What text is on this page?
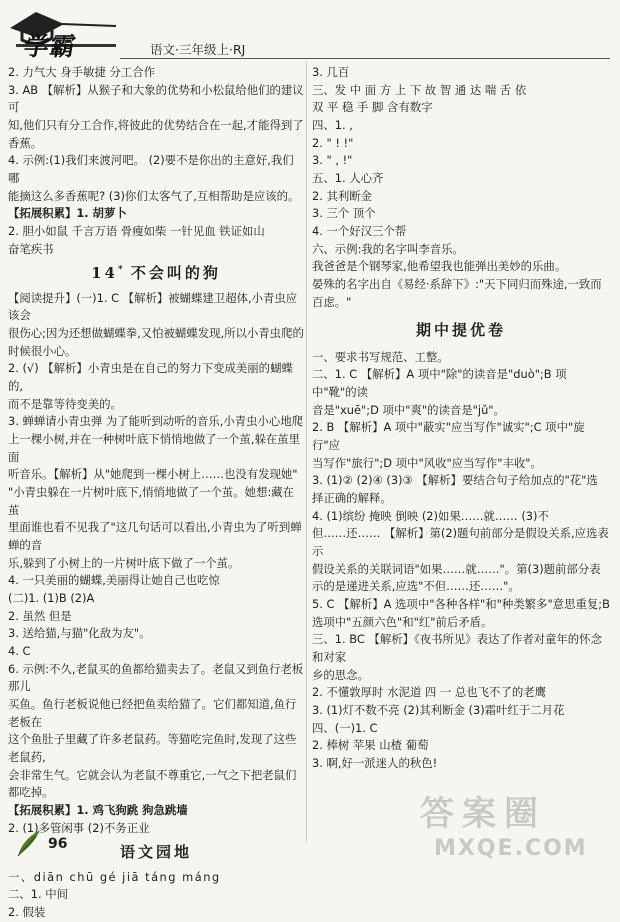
学霸	语文·三年级上·RJ

2. 力气大 身手敏捷 分工合作

3. AB 【解析】从猴子和大象的优势和小松鼠给他们的建议可

知,他们只有分工合作,将彼此的优势结合在一起,才能得到了香蕉。

4. 示例:(1)我们来渡河吧。 (2)要不是你出的主意好,我们哪

能摘这么多香蕉呢? (3)你们太客气了,互相帮助是应该的。

【拓展积累】1. 胡萝卜

2. 胆小如鼠 千言万语 骨瘦如柴 一针见血 铁证如山

奋笔疾书

14* 不会叫的狗

【阅读提升】(一)1. C 【解析】被蝴蝶建卫超体,小青虫应该会

很伤心;因为还想做蝴蝶拳,又怕被蝴蝶发现,所以小青虫爬的

时候很小心。

2. (√) 【解析】小青虫是在自己的努力下变成美丽的蝴蝶的,

而不是靠等待变美的。

3. 蝉蝉请小青虫弹 为了能听到动听的音乐,小青虫小心地爬

上一棵小树,并在一种树叶底下悄悄地做了一个茧,躲在茧里面

听音乐。【解析】从"她爬到一棵小树上……也没有发现她"

"小青虫躲在一片树叶底下,悄悄地做了一个茧。她想:藏在茧

里面谁也看不见我了"这几句话可以看出,小青虫为了听到蝉蝉的音

乐,躲到了小树上的一片树叶底下做了一个茧。

4. 一只美丽的蝴蝶,美丽得让她自己也吃惊

(二)1. (1)B (2)A

2. 虽然 但是

3. 送给猫,与猫"化敌为友"。

4. C

6. 示例:不久,老鼠买的鱼都给猫卖去了。老鼠又到鱼行老板那儿

买鱼。鱼行老板说他已经把鱼卖给猫了。它们都知道,鱼行老板在

这个鱼肚子里藏了许多老鼠药。等猫吃完鱼时,发现了这些老鼠药,

会非常生气。它就会认为老鼠不尊重它,一气之下把老鼠们都吃掉。

【拓展积累】1. 鸡飞狗跳 狗急跳墙

2. (1)多管闲事 (2)不务正业

语文园地

一、diān chū gé jiā táng máng

二、1. 中间

2. 假装

3. 几百

三、发 中 面 方 上 下 故 智 通 达 喘 舌 依

双 平 稳 手 脚 含有数字

四、1. ,

2. " ! !"

3. " , !"

五、1. 人心齐

2. 其利断金

3. 三个 顶个

4. 一个好汉三个帮

六、示例:我的名字叫李音乐。

我爸爸是个钢琴家,他希望我也能弹出美妙的乐曲。

晏殊的名字出自《易经·系辞下》:"天下同归而殊途,一致而

百虑。"

期中提优卷

一、要求书写规范、工整。

二、1. C 【解析】A 项中"除"的读音是"duò";B 项中"靴"的读

音是"xuē";D 项中"爽"的读音是"jǔ"。

2. B 【解析】A 项中"蔽实"应当写作"诚实";C 项中"旋行"应

当写作"旅行";D 项中"风收"应当写作"丰收"。

3. (1)② (2)④ (3)③ 【解析】要结合句子给加点的"花"选

择正确的解释。

4. (1)缤纷 掩映 倒映 (2)如果……就…… (3)不

但……还…… 【解析】第(2)题句前部分是假设关系,应选表示

假设关系的关联词语"如果……就……"。第(3)题前部分表

示的是递进关系,应选"不但……还……"。

5. C 【解析】A 选项中"各种各样"和"种类繁多"意思重复;B

选项中"五颜六色"和"红"前后矛盾。

三、1. BC 【解析】《夜书所见》表达了作者对童年的怀念和对家

乡的思念。

2. 不懂敦厚时 水泥道 四 一 总也飞不了的老鹰

3. (1)灯不数不亮 (2)其利断金 (3)霜叶红于二月花

四、(一)1. C

2. 棒树 苹果 山楂 葡萄

3. 啊,好一派迷人的秋色!

96
答案圈
MXQE.COM
